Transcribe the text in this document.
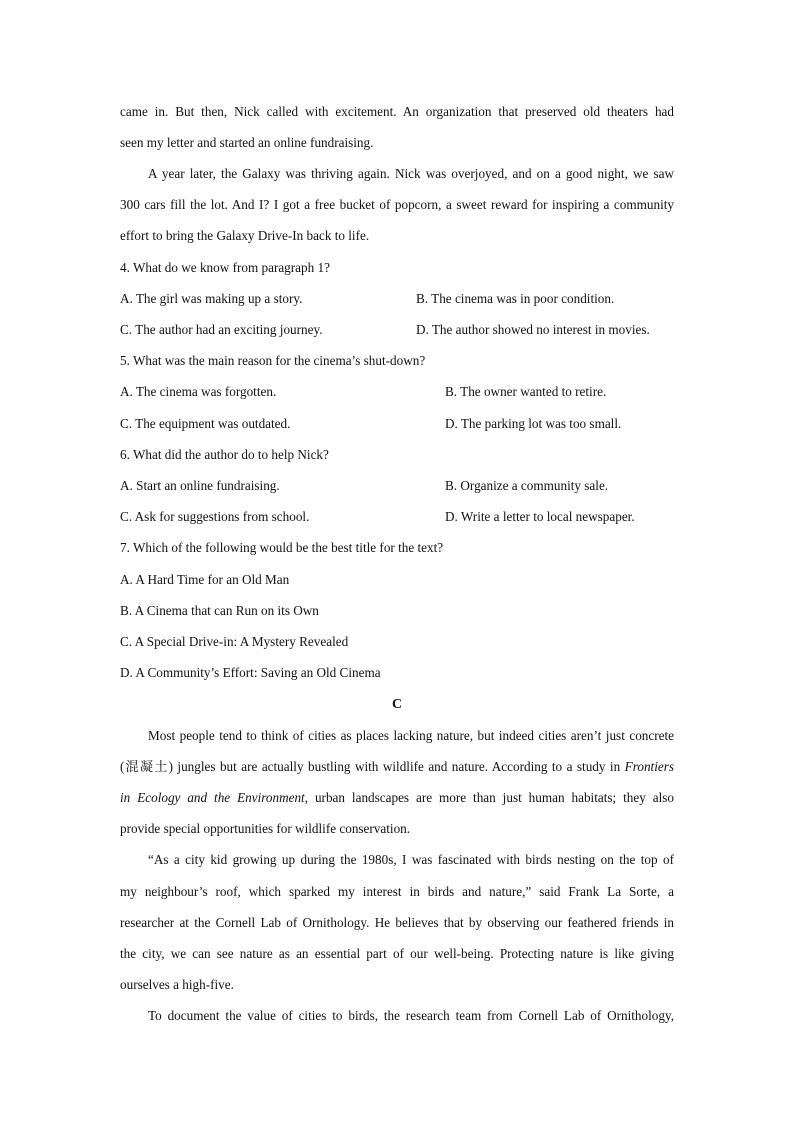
came in. But then, Nick called with excitement. An organization that preserved old theaters had
seen my letter and started an online fundraising.
A year later, the Galaxy was thriving again. Nick was overjoyed, and on a good night, we saw
300 cars fill the lot. And I? I got a free bucket of popcorn, a sweet reward for inspiring a community
effort to bring the Galaxy Drive-In back to life.
4. What do we know from paragraph 1?
A. The girl was making up a story.	B. The cinema was in poor condition.
C. The author had an exciting journey.	D. The author showed no interest in movies.
5. What was the main reason for the cinema’s shut-down?
A. The cinema was forgotten.	B. The owner wanted to retire.
C. The equipment was outdated.	D. The parking lot was too small.
6. What did the author do to help Nick?
A. Start an online fundraising.	B. Organize a community sale.
C. Ask for suggestions from school.	D. Write a letter to local newspaper.
7. Which of the following would be the best title for the text?
A. A Hard Time for an Old Man
B. A Cinema that can Run on its Own
C. A Special Drive-in: A Mystery Revealed
D. A Community’s Effort: Saving an Old Cinema
C
Most people tend to think of cities as places lacking nature, but indeed cities aren’t just concrete
(混凝土) jungles but are actually bustling with wildlife and nature. According to a study in Frontiers
in Ecology and the Environment, urban landscapes are more than just human habitats; they also
provide special opportunities for wildlife conservation.
“As a city kid growing up during the 1980s, I was fascinated with birds nesting on the top of
my neighbour’s roof, which sparked my interest in birds and nature,” said Frank La Sorte, a
researcher at the Cornell Lab of Ornithology. He believes that by observing our feathered friends in
the city, we can see nature as an essential part of our well-being. Protecting nature is like giving
ourselves a high-five.
To document the value of cities to birds, the research team from Cornell Lab of Ornithology,
